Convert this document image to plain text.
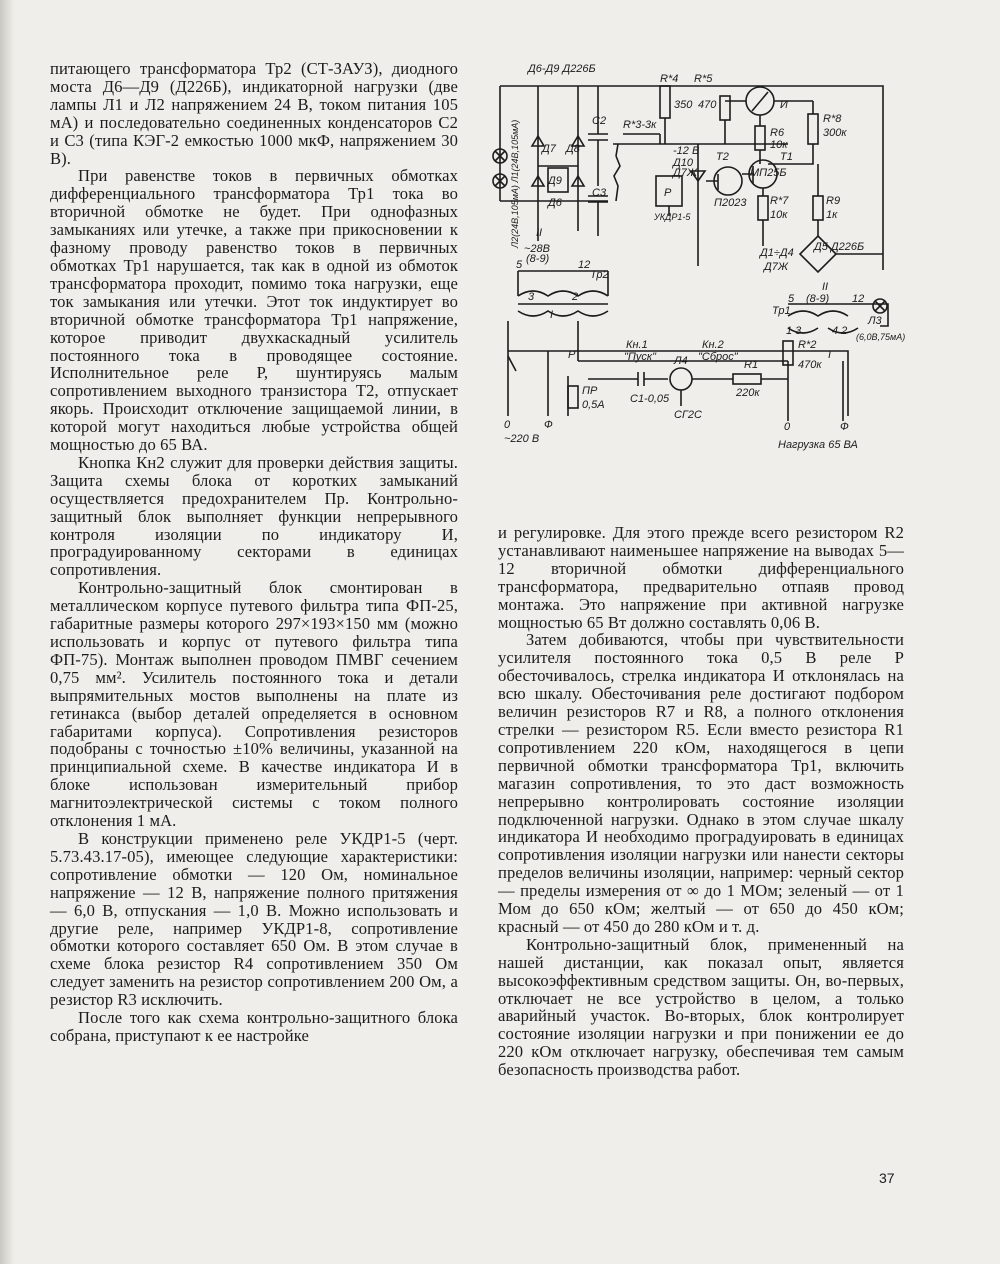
питающего трансформатора Тр2 (СТ-ЗАУЗ), диодного моста Д6—Д9 (Д226Б), индикаторной нагрузки (две лампы Л1 и Л2 напряжением 24 В, током питания 105 мА) и последовательно соединенных конденсаторов С2 и С3 (типа КЭГ-2 емкостью 1000 мкФ, напряжением 30 В).

При равенстве токов в первичных обмотках дифференциального трансформатора Тр1 тока во вторичной обмотке не будет. При однофазных замыканиях или утечке, а также при прикосновении к фазному проводу равенство токов в первичных обмотках Тр1 нарушается, так как в одной из обмоток трансформатора проходит, помимо тока нагрузки, еще ток замыкания или утечки. Этот ток индуктирует во вторичной обмотке трансформатора Тр1 напряжение, которое приводит двухкаскадный усилитель постоянного тока в проводящее состояние. Исполнительное реле Р, шунтируясь малым сопротивлением выходного транзистора Т2, отпускает якорь. Происходит отключение защищаемой линии, в которой могут находиться любые устройства общей мощностью до 65 ВА.

Кнопка Кн2 служит для проверки действия защиты. Защита схемы блока от коротких замыканий осуществляется предохранителем Пр. Контрольно-защитный блок выполняет функции непрерывного контроля изоляции по индикатору И, проградуированному секторами в единицах сопротивления.

Контрольно-защитный блок смонтирован в металлическом корпусе путевого фильтра типа ФП-25, габаритные размеры которого 297×193×150 мм (можно использовать и корпус от путевого фильтра типа ФП-75). Монтаж выполнен проводом ПМВГ сечением 0,75 мм². Усилитель постоянного тока и детали выпрямительных мостов выполнены на плате из гетинакса (выбор деталей определяется в основном габаритами корпуса). Сопротивления резисторов подобраны с точностью ±10% величины, указанной на принципиальной схеме. В качестве индикатора И в блоке использован измерительный прибор магнитоэлектрической системы с током полного отклонения 1 мА.

В конструкции применено реле УКДР1-5 (черт. 5.73.43.17-05), имеющее следующие характеристики: сопротивление обмотки — 120 Ом, номинальное напряжение — 12 В, напряжение полного притяжения — 6,0 В, отпускания — 1,0 В. Можно использовать и другие реле, например УКДР1-8, сопротивление обмотки которого составляет 650 Ом. В этом случае в схеме блока резистор R4 сопротивлением 350 Ом следует заменить на резистор сопротивлением 200 Ом, а резистор R3 исключить.

После того как схема контрольно-защитного блока собрана, приступают к ее настройке

Д6-Д9 Д226Б
R*4
350
R*5
470
R*3-3к
И
R6
10к
R*8
300к
С2
Д7 Д8
Д9
Д6
С3
Л2(24В,105мА) Л1(24В,105мА)	-12 В
Д10
Д7Ж
Т2
П2023
Т1
МП25Б
Р
УКДР1-5
R*7
10к
R9
1к
II
~28В
(8-9)
5	12
Тр2
3	2
I
Д1÷Д4
Д7Ж
Д5 Д226Б
II
5 (8-9) 12
Л3
Тр1
1 3	4 2 (6,0В,75мА)
Кн.1
"Пуск"
Кн.2
"Сброс"
Л4	R1
220к
R*2
470к
I
Р
ПР
0,5А С1-0,05
СГ2С
0	Ф
~220 В
0	Ф
Нагрузка 65 ВА

и регулировке. Для этого прежде всего резистором R2 устанавливают наименьшее напряжение на выводах 5—12 вторичной обмотки дифференциального трансформатора, предварительно отпаяв провод монтажа. Это напряжение при активной нагрузке мощностью 65 Вт должно составлять 0,06 В.

Затем добиваются, чтобы при чувствительности усилителя постоянного тока 0,5 В реле Р обесточивалось, стрелка индикатора И отклонялась на всю шкалу. Обесточивания реле достигают подбором величин резисторов R7 и R8, а полного отклонения стрелки — резистором R5. Если вместо резистора R1 сопротивлением 220 кОм, находящегося в цепи первичной обмотки трансформатора Тр1, включить магазин сопротивления, то это даст возможность непрерывно контролировать состояние изоляции подключенной нагрузки. Однако в этом случае шкалу индикатора И необходимо проградуировать в единицах сопротивления изоляции нагрузки или нанести секторы пределов величины изоляции, например: черный сектор — пределы измерения от ∞ до 1 МОм; зеленый — от 1 Мом до 650 кОм; желтый — от 650 до 450 кОм; красный — от 450 до 280 кОм и т. д.

Контрольно-защитный блок, примененный на нашей дистанции, как показал опыт, является высокоэффективным средством защиты. Он, во-первых, отключает не все устройство в целом, а только аварийный участок. Во-вторых, блок контролирует состояние изоляции нагрузки и при понижении ее до 220 кОм отключает нагрузку, обеспечивая тем самым безопасность производства работ.

37
